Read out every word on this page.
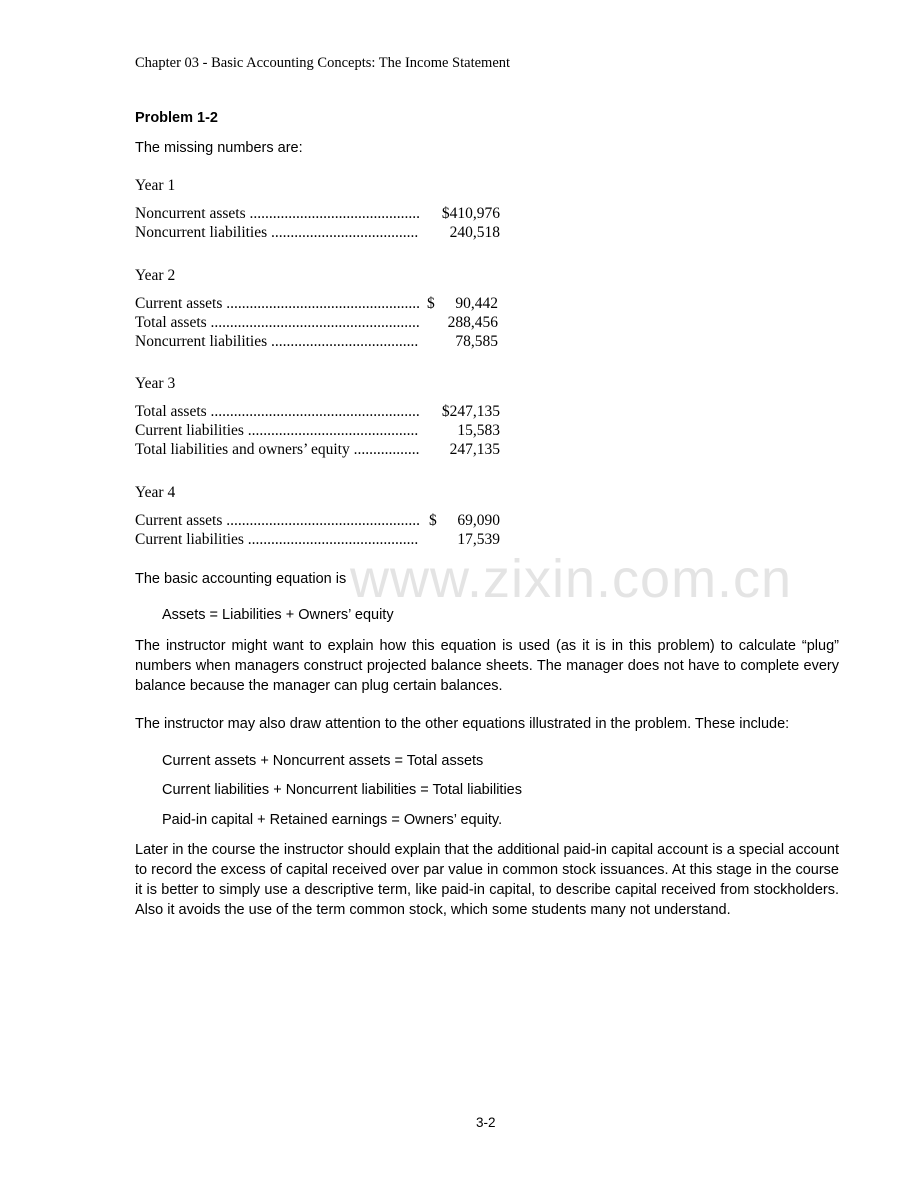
Chapter 03 - Basic Accounting Concepts: The Income Statement
Problem 1-2
The missing numbers are:
Year 1
Noncurrent assets .....	$410,976
Noncurrent liabilities .....	240,518
Year 2
Current assets .....	$ 90,442
Total assets .....	288,456
Noncurrent liabilities .....	78,585
Year 3
Total assets .....	$247,135
Current liabilities .....	15,583
Total liabilities and owners’ equity .....	247,135
Year 4
Current assets .....	$ 69,090
Current liabilities .....	17,539
www.zixin.com.cn
The basic accounting equation is
Assets = Liabilities + Owners’ equity
The instructor might want to explain how this equation is used (as it is in this problem) to calculate “plug” numbers when managers construct projected balance sheets. The manager does not have to complete every balance because the manager can plug certain balances.
The instructor may also draw attention to the other equations illustrated in the problem. These include:
Current assets + Noncurrent assets = Total assets
Current liabilities + Noncurrent liabilities = Total liabilities
Paid-in capital + Retained earnings = Owners’ equity.
Later in the course the instructor should explain that the additional paid-in capital account is a special account to record the excess of capital received over par value in common stock issuances. At this stage in the course it is better to simply use a descriptive term, like paid-in capital, to describe capital received from stockholders. Also it avoids the use of the term common stock, which some students many not understand.
3-2
